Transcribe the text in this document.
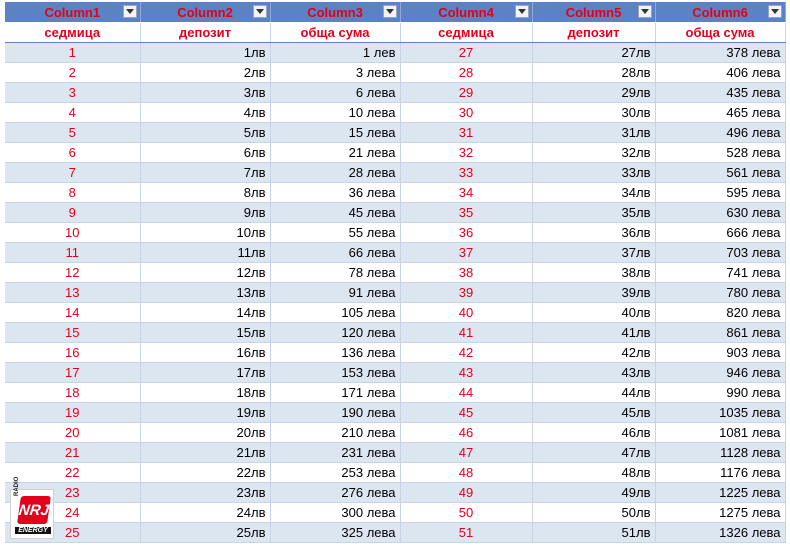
Column1	Column2	Column3	Column4	Column5	Column6

седмица	депозит	обща сума	седмица	депозит	обща сума
1	1лв	1 лев	27	27лв	378 лева
2	2лв	3 лева	28	28лв	406 лева
3	3лв	6 лева	29	29лв	435 лева
4	4лв	10 лева	30	30лв	465 лева
5	5лв	15 лева	31	31лв	496 лева
6	6лв	21 лева	32	32лв	528 лева
7	7лв	28 лева	33	33лв	561 лева
8	8лв	36 лева	34	34лв	595 лева
9	9лв	45 лева	35	35лв	630 лева
10	10лв	55 лева	36	36лв	666 лева
11	11лв	66 лева	37	37лв	703 лева
12	12лв	78 лева	38	38лв	741 лева
13	13лв	91 лева	39	39лв	780 лева
14	14лв	105 лева	40	40лв	820 лева
15	15лв	120 лева	41	41лв	861 лева
16	16лв	136 лева	42	42лв	903 лева
17	17лв	153 лева	43	43лв	946 лева
18	18лв	171 лева	44	44лв	990 лева
19	19лв	190 лева	45	45лв	1035 лева
20	20лв	210 лева	46	46лв	1081 лева
21	21лв	231 лева	47	47лв	1128 лева
22	22лв	253 лева	48	48лв	1176 лева
23	23лв	276 лева	49	49лв	1225 лева
24	24лв	300 лева	50	50лв	1275 лева
25	25лв	325 лева	51	51лв	1326 лева
RADIO
NRJ
ENERGY
